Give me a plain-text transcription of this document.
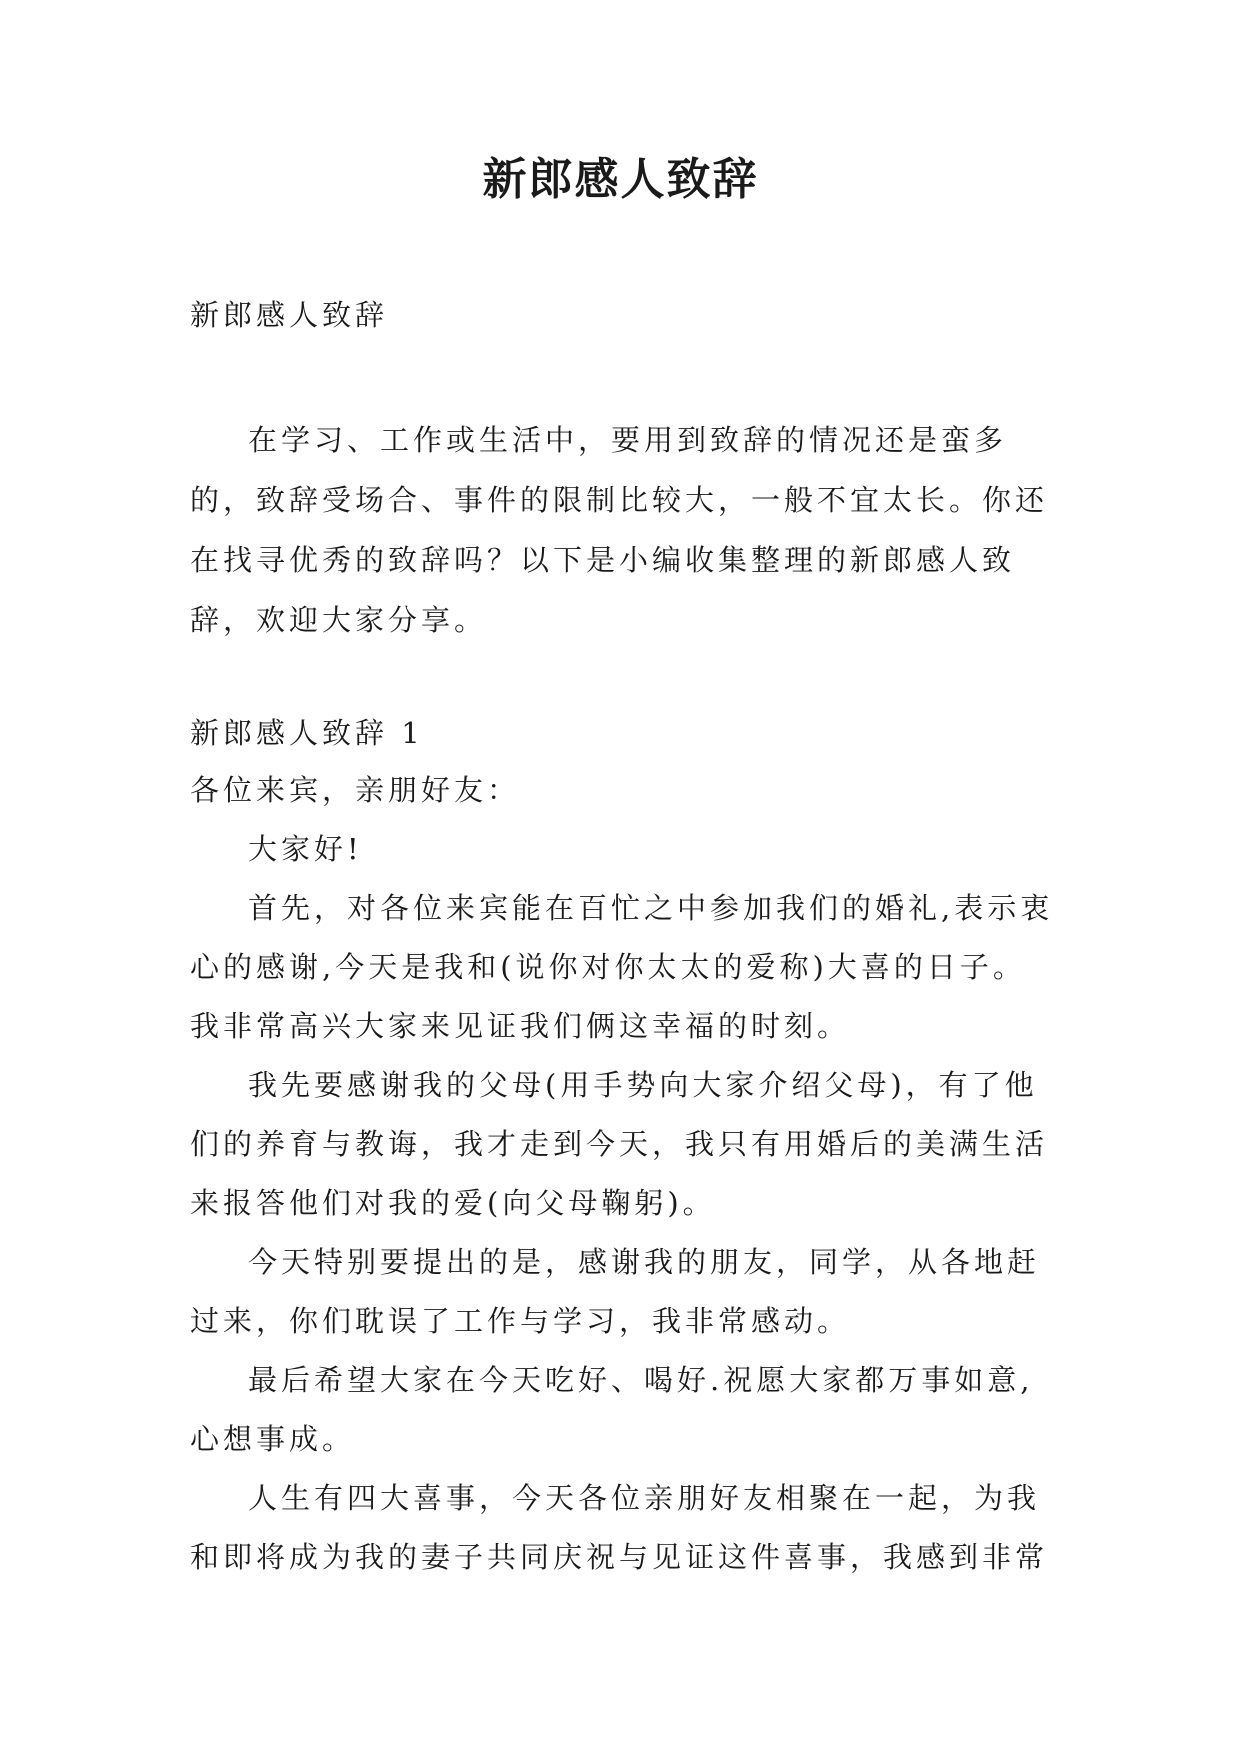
新郎感人致辞
新郎感人致辞

在学习、工作或生活中，要用到致辞的情况还是蛮多的，致辞受场合、事件的限制比较大，一般不宜太长。你还在找寻优秀的致辞吗？以下是小编收集整理的新郎感人致辞，欢迎大家分享。

新郎感人致辞 1
各位来宾，亲朋好友：

大家好!

首先，对各位来宾能在百忙之中参加我们的婚礼,表示衷心的感谢,今天是我和(说你对你太太的爱称)大喜的日子。我非常高兴大家来见证我们俩这幸福的时刻。

我先要感谢我的父母(用手势向大家介绍父母)，有了他们的养育与教诲，我才走到今天，我只有用婚后的美满生活来报答他们对我的爱(向父母鞠躬)。

今天特别要提出的是，感谢我的朋友，同学，从各地赶过来，你们耽误了工作与学习，我非常感动。

最后希望大家在今天吃好、喝好.祝愿大家都万事如意,心想事成。

人生有四大喜事，今天各位亲朋好友相聚在一起，为我和即将成为我的妻子共同庆祝与见证这件喜事，我感到非常
